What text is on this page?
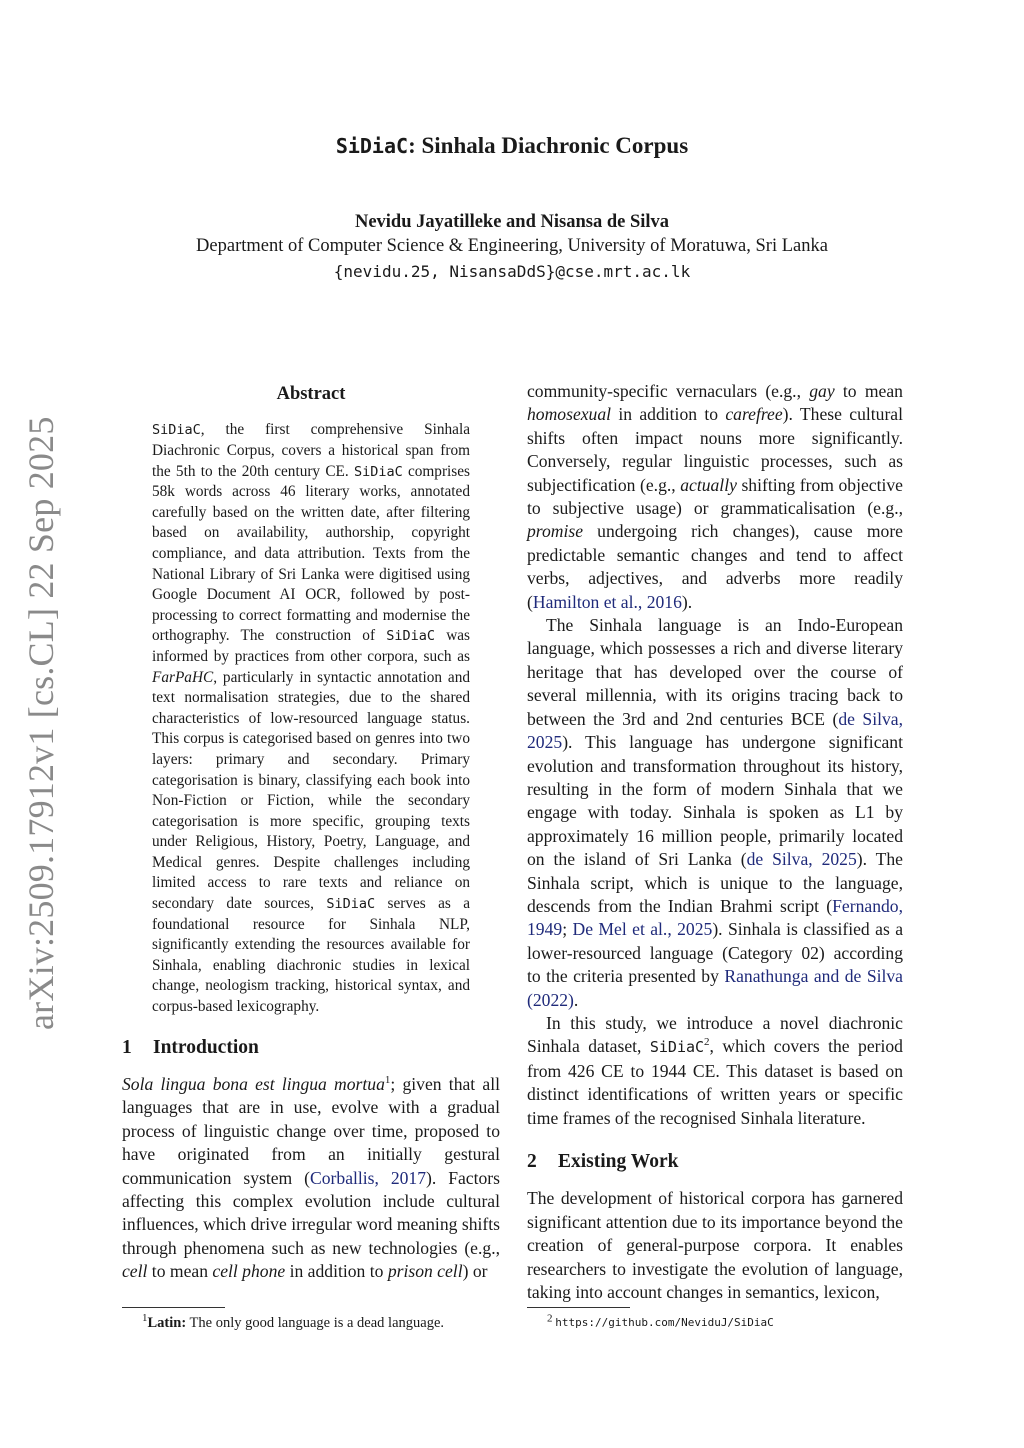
SiDiaC: Sinhala Diachronic Corpus
Nevidu Jayatilleke and Nisansa de Silva
Department of Computer Science & Engineering, University of Moratuwa, Sri Lanka
{nevidu.25, NisansaDdS}@cse.mrt.ac.lk
arXiv:2509.17912v1 [cs.CL] 22 Sep 2025
Abstract
SiDiaC, the first comprehensive Sinhala Diachronic Corpus, covers a historical span from the 5th to the 20th century CE. SiDiaC comprises 58k words across 46 literary works, annotated carefully based on the written date, after filtering based on availability, authorship, copyright compliance, and data attribution. Texts from the National Library of Sri Lanka were digitised using Google Document AI OCR, followed by post-processing to correct formatting and modernise the orthography. The construction of SiDiaC was informed by practices from other corpora, such as FarPaHC, particularly in syntactic annotation and text normalisation strategies, due to the shared characteristics of low-resourced language status. This corpus is categorised based on genres into two layers: primary and secondary. Primary categorisation is binary, classifying each book into Non-Fiction or Fiction, while the secondary categorisation is more specific, grouping texts under Religious, History, Poetry, Language, and Medical genres. Despite challenges including limited access to rare texts and reliance on secondary date sources, SiDiaC serves as a foundational resource for Sinhala NLP, significantly extending the resources available for Sinhala, enabling diachronic studies in lexical change, neologism tracking, historical syntax, and corpus-based lexicography.
1 Introduction

Sola lingua bona est lingua mortua$^1$; given that all languages that are in use, evolve with a gradual process of linguistic change over time, proposed to have originated from an initially gestural communication system (Corballis, 2017). Factors affecting this complex evolution include cultural influences, which drive irregular word meaning shifts through phenomena such as new technologies (e.g., cell to mean cell phone in addition to prison cell) or

community-specific vernaculars (e.g., gay to mean homosexual in addition to carefree). These cultural shifts often impact nouns more significantly. Conversely, regular linguistic processes, such as subjectification (e.g., actually shifting from objective to subjective usage) or grammaticalisation (e.g., promise undergoing rich changes), cause more predictable semantic changes and tend to affect verbs, adjectives, and adverbs more readily (Hamilton et al., 2016).

The Sinhala language is an Indo-European language, which possesses a rich and diverse literary heritage that has developed over the course of several millennia, with its origins tracing back to between the 3rd and 2nd centuries BCE (de Silva, 2025). This language has undergone significant evolution and transformation throughout its history, resulting in the form of modern Sinhala that we engage with today. Sinhala is spoken as L1 by approximately 16 million people, primarily located on the island of Sri Lanka (de Silva, 2025). The Sinhala script, which is unique to the language, descends from the Indian Brahmi script (Fernando, 1949; De Mel et al., 2025). Sinhala is classified as a lower-resourced language (Category 02) according to the criteria presented by Ranathunga and de Silva (2022).

In this study, we introduce a novel diachronic Sinhala dataset, SiDiaC$^2$, which covers the period from 426 CE to 1944 CE. This dataset is based on distinct identifications of written years or specific time frames of the recognised Sinhala literature.

2 Existing Work

The development of historical corpora has garnered significant attention due to its importance beyond the creation of general-purpose corpora. It enables researchers to investigate the evolution of language, taking into account changes in semantics, lexicon,

$^1$Latin: The only good language is a dead language.	$^2$ https://github.com/NeviduJ/SiDiaC
